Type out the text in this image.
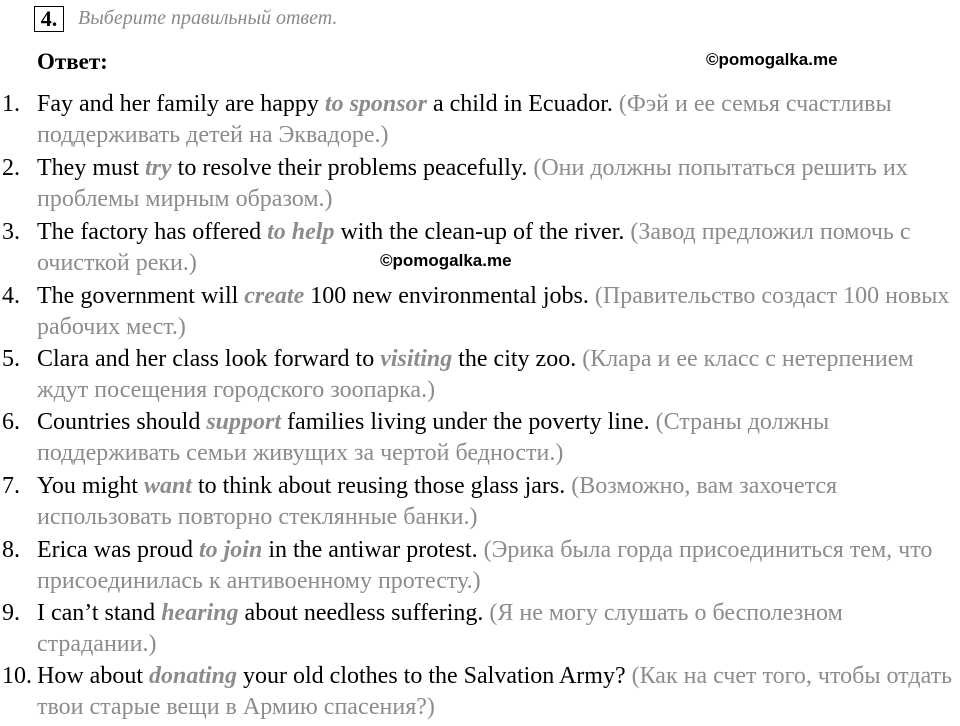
4.	Выберите правильный ответ.
Ответ:	©pomogalka.me
©pomogalka.me
1. Fay and her family are happy to sponsor a child in Ecuador. (Фэй и ее семья счастливы поддерживать детей на Эквадоре.)
2. They must try to resolve their problems peacefully. (Они должны попытаться решить их проблемы мирным образом.)
3. The factory has offered to help with the clean-up of the river. (Завод предложил помочь с очисткой реки.)
4. The government will create 100 new environmental jobs. (Правительство создаст 100 новых рабочих мест.)
5. Clara and her class look forward to visiting the city zoo. (Клара и ее класс с нетерпением ждут посещения городского зоопарка.)
6. Countries should support families living under the poverty line. (Страны должны поддерживать семьи живущих за чертой бедности.)
7. You might want to think about reusing those glass jars. (Возможно, вам захочется использовать повторно стеклянные банки.)
8. Erica was proud to join in the antiwar protest. (Эрика была горда присоединиться тем, что присоединилась к антивоенному протесту.)
9. I can’t stand hearing about needless suffering. (Я не могу слушать о бесполезном страдании.)
10. How about donating your old clothes to the Salvation Army? (Как на счет того, чтобы отдать твои старые вещи в Армию спасения?)
